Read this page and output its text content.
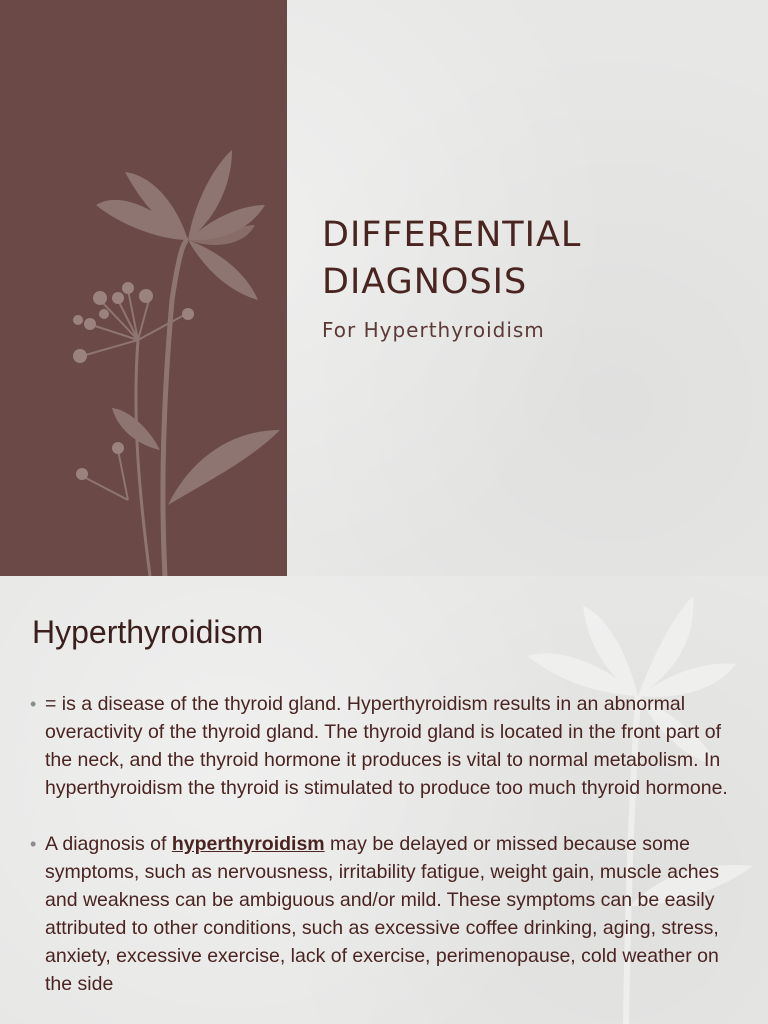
DIFFERENTIAL
DIAGNOSIS

For Hyperthyroidism

Hyperthyroidism
• = is a disease of the thyroid gland. Hyperthyroidism results in an abnormal overactivity of the thyroid gland. The thyroid gland is located in the front part of the neck, and the thyroid hormone it produces is vital to normal metabolism. In hyperthyroidism the thyroid is stimulated to produce too much thyroid hormone.
• A diagnosis of hyperthyroidism may be delayed or missed because some symptoms, such as nervousness, irritability fatigue, weight gain, muscle aches and weakness can be ambiguous and/or mild. These symptoms can be easily attributed to other conditions, such as excessive coffee drinking, aging, stress, anxiety, excessive exercise, lack of exercise, perimenopause, cold weather on the side
